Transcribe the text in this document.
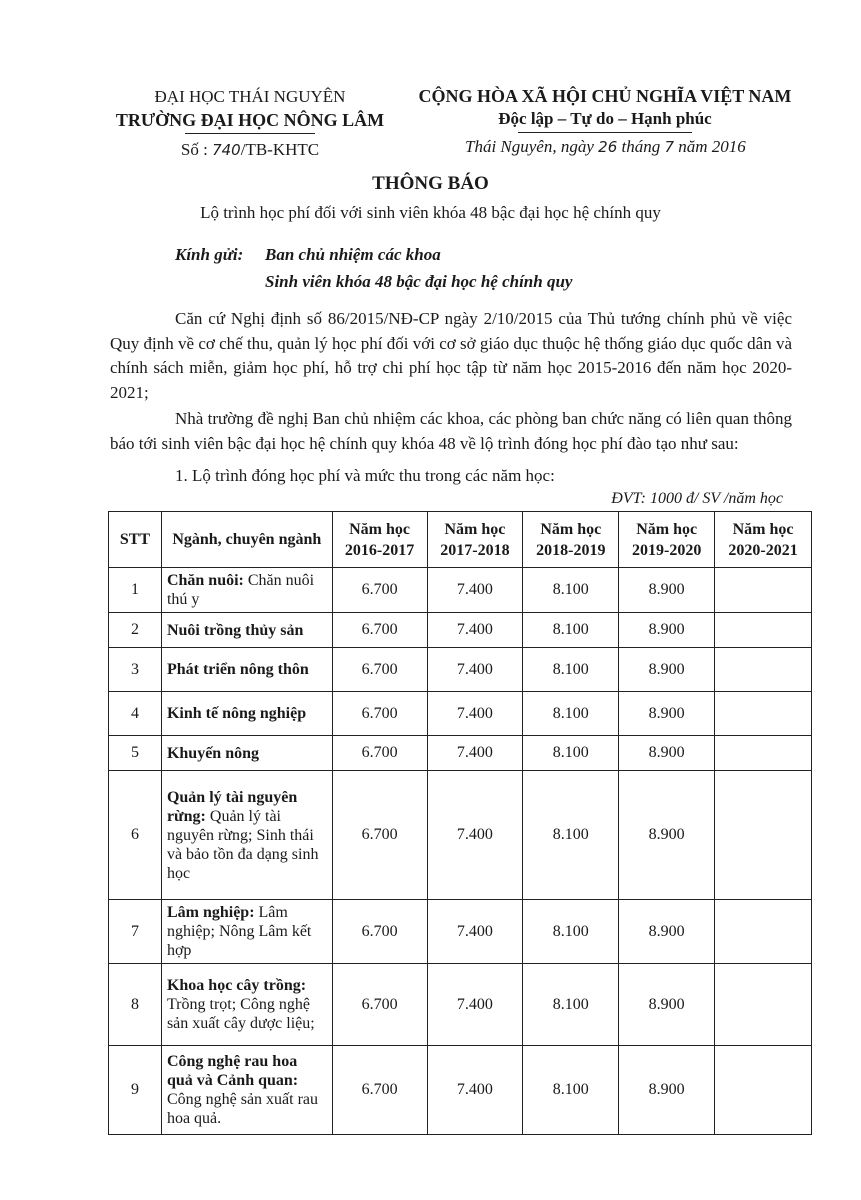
ĐẠI HỌC THÁI NGUYÊN
TRƯỜNG ĐẠI HỌC NÔNG LÂM
Số : 740/TB-KHTC
CỘNG HÒA XÃ HỘI CHỦ NGHĨA VIỆT NAM
Độc lập – Tự do – Hạnh phúc
Thái Nguyên, ngày 26 tháng 7 năm 2016
THÔNG BÁO
Lộ trình học phí đối với sinh viên khóa 48 bậc đại học hệ chính quy
Kính gửi: Ban chủ nhiệm các khoa
Sinh viên khóa 48 bậc đại học hệ chính quy
Căn cứ Nghị định số 86/2015/NĐ-CP ngày 2/10/2015 của Thủ tướng chính phủ về việc Quy định về cơ chế thu, quản lý học phí đối với cơ sở giáo dục thuộc hệ thống giáo dục quốc dân và chính sách miễn, giảm học phí, hỗ trợ chi phí học tập từ năm học 2015-2016 đến năm học 2020-2021;
Nhà trường đề nghị Ban chủ nhiệm các khoa, các phòng ban chức năng có liên quan thông báo tới sinh viên bậc đại học hệ chính quy khóa 48 về lộ trình đóng học phí đào tạo như sau:
1. Lộ trình đóng học phí và mức thu trong các năm học:
ĐVT: 1000 đ/ SV /năm học
STT	Ngành, chuyên ngành	Năm học 2016-2017	Năm học 2017-2018	Năm học 2018-2019	Năm học 2019-2020	Năm học 2020-2021
1	Chăn nuôi: Chăn nuôi thú y	6.700	7.400	8.100	8.900	
2	Nuôi trồng thủy sản	6.700	7.400	8.100	8.900	
3	Phát triển nông thôn	6.700	7.400	8.100	8.900	
4	Kinh tế nông nghiệp	6.700	7.400	8.100	8.900	
5	Khuyến nông	6.700	7.400	8.100	8.900	
6	Quản lý tài nguyên rừng: Quản lý tài nguyên rừng; Sinh thái và bảo tồn đa dạng sinh học	6.700	7.400	8.100	8.900	
7	Lâm nghiệp: Lâm nghiệp; Nông Lâm kết hợp	6.700	7.400	8.100	8.900	
8	Khoa học cây trồng: Trồng trọt; Công nghệ sản xuất cây dược liệu;	6.700	7.400	8.100	8.900	
9	Công nghệ rau hoa quả và Cảnh quan: Công nghệ sản xuất rau hoa quả.	6.700	7.400	8.100	8.900	
